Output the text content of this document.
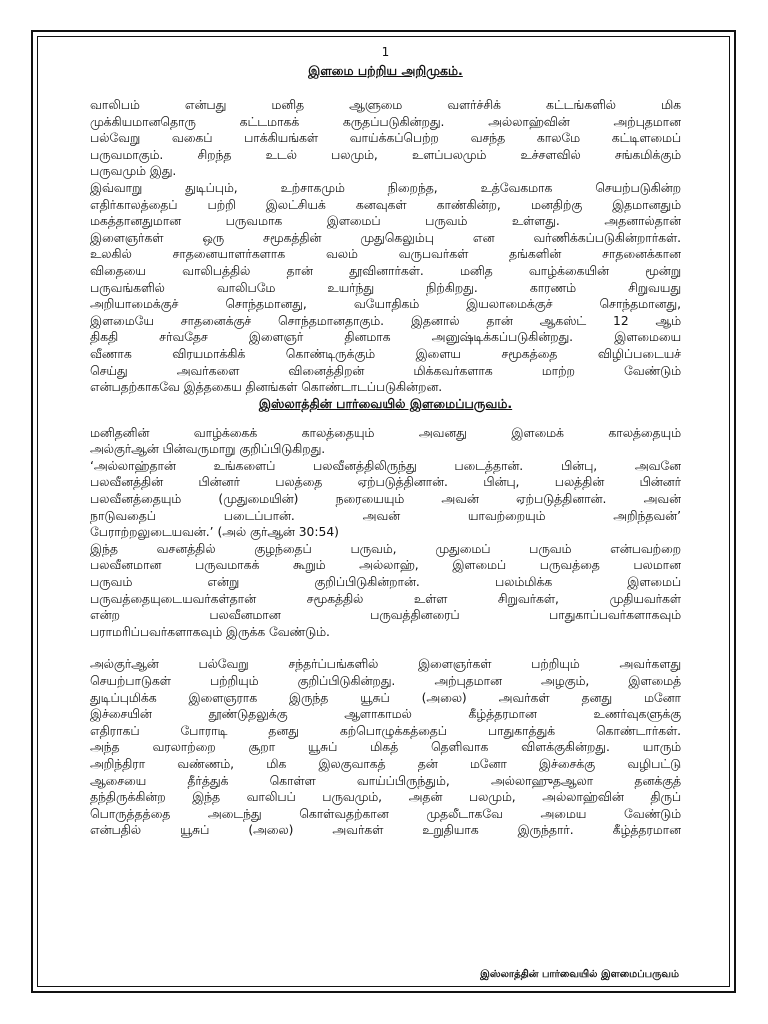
1
இளமை பற்றிய அறிமுகம்.
வாலிபம் என்பது மனித ஆளுமை வளர்ச்சிக் கட்டங்களில் மிக
முக்கியமானதொரு கட்டமாகக் கருதப்படுகின்றது. அல்லாஹ்வின் அற்புதமான
பல்வேறு வகைப் பாக்கியங்கள் வாய்க்கப்பெற்ற வசந்த காலமே கட்டிளமைப்
பருவமாகும். சிறந்த உடல் பலமும், உளப்பலமும் உச்சளவில் சங்கமிக்கும்
பருவமும் இது.
இவ்வாறு துடிப்பும், உற்சாகமும் நிறைந்த, உத்வேகமாக செயற்படுகின்ற
எதிர்காலத்தைப் பற்றி இலட்சியக் கனவுகள் காண்கின்ற, மனதிற்கு இதமானதும்
மகத்தானதுமான பருவமாக இளமைப் பருவம் உள்ளது. அதனால்தான்
இளைஞர்கள் ஒரு சமூகத்தின் முதுகெலும்பு என வர்ணிக்கப்படுகின்றார்கள்.
உலகில் சாதனையாளர்களாக வலம் வருபவர்கள் தங்களின் சாதனைக்கான
விதையை வாலிபத்தில் தான் தூவினார்கள். மனித வாழ்க்கையின் மூன்று
பருவங்களில் வாலிபமே உயர்ந்து நிற்கிறது. காரணம் சிறுவயது
அறியாமைக்குச் சொந்தமானது, வயோதிகம் இயலாமைக்குச் சொந்தமானது,
இளமையே சாதனைக்குச் சொந்தமானதாகும். இதனால் தான் ஆகஸ்ட் 12 ஆம்
திகதி சர்வதேச இளைஞர் தினமாக அனுஷ்டிக்கப்படுகின்றது. இளமையை
வீணாக விரயமாக்கிக் கொண்டிருக்கும் இளைய சமூகத்தை விழிப்படையச்
செய்து அவர்களை வினைத்திறன் மிக்கவர்களாக மாற்ற வேண்டும்
என்பதற்காகவே இத்தகைய தினங்கள் கொண்டாடப்படுகின்றன.
இஸ்லாத்தின் பார்வையில் இளமைப்பருவம்.
மனிதனின் வாழ்க்கைக் காலத்தையும் அவனது இளமைக் காலத்தையும்
அல்குர்ஆன் பின்வருமாறு குறிப்பிடுகிறது.
‘அல்லாஹ்தான் உங்களைப் பலவீனத்திலிருந்து படைத்தான். பின்பு, அவனே
பலவீனத்தின் பின்னர் பலத்தை ஏற்படுத்தினான். பின்பு, பலத்தின் பின்னர்
பலவீனத்தையும் (முதுமையின்) நரையையும் அவன் ஏற்படுத்தினான். அவன்
நாடுவதைப் படைப்பான். அவன் யாவற்றையும் அறிந்தவன்’
பேராற்றலுடையவன்.’ (அல் குர்ஆன் 30:54)
இந்த வசனத்தில் குழந்தைப் பருவம், முதுமைப் பருவம் என்பவற்றை
பலவீனமான பருவமாகக் கூறும் அல்லாஹ், இளமைப் பருவத்தை பலமான
பருவம் என்று குறிப்பிடுகின்றான். பலம்மிக்க இளமைப்
பருவத்தையுடையவர்கள்தான் சமூகத்தில் உள்ள சிறுவர்கள், முதியவர்கள்
என்ற பலவீனமான பருவத்தினரைப் பாதுகாப்பவர்களாகவும்
பராமரிப்பவர்களாகவும் இருக்க வேண்டும்.
அல்குர்ஆன் பல்வேறு சந்தர்ப்பங்களில் இளைஞர்கள் பற்றியும் அவர்களது
செயற்பாடுகள் பற்றியும் குறிப்பிடுகின்றது. அற்புதமான அழகும், இளமைத்
துடிப்புமிக்க இளைஞராக இருந்த யூசுப் (அலை) அவர்கள் தனது மனோ
இச்சையின் தூண்டுதலுக்கு ஆளாகாமல் கீழ்த்தரமான உணர்வுகளுக்கு
எதிராகப் போராடி தனது கற்பொழுக்கத்தைப் பாதுகாத்துக் கொண்டார்கள்.
அந்த வரலாற்றை சூறா யூசுப் மிகத் தெளிவாக விளக்குகின்றது. யாரும்
அறிந்திரா வண்ணம், மிக இலகுவாகத் தன் மனோ இச்சைக்கு வழிபட்டு
ஆசையை தீர்த்துக் கொள்ள வாய்ப்பிருந்தும், அல்லாஹுதஆலா தனக்குத்
தந்திருக்கின்ற இந்த வாலிபப் பருவமும், அதன் பலமும், அல்லாஹ்வின் திருப்
பொருத்தத்தை அடைந்து கொள்வதற்கான முதலீடாகவே அமைய வேண்டும்
என்பதில் யூசுப் (அலை) அவர்கள் உறுதியாக இருந்தார். கீழ்த்தரமான
இஸ்லாத்தின் பார்வையில் இளமைப்பருவம்
